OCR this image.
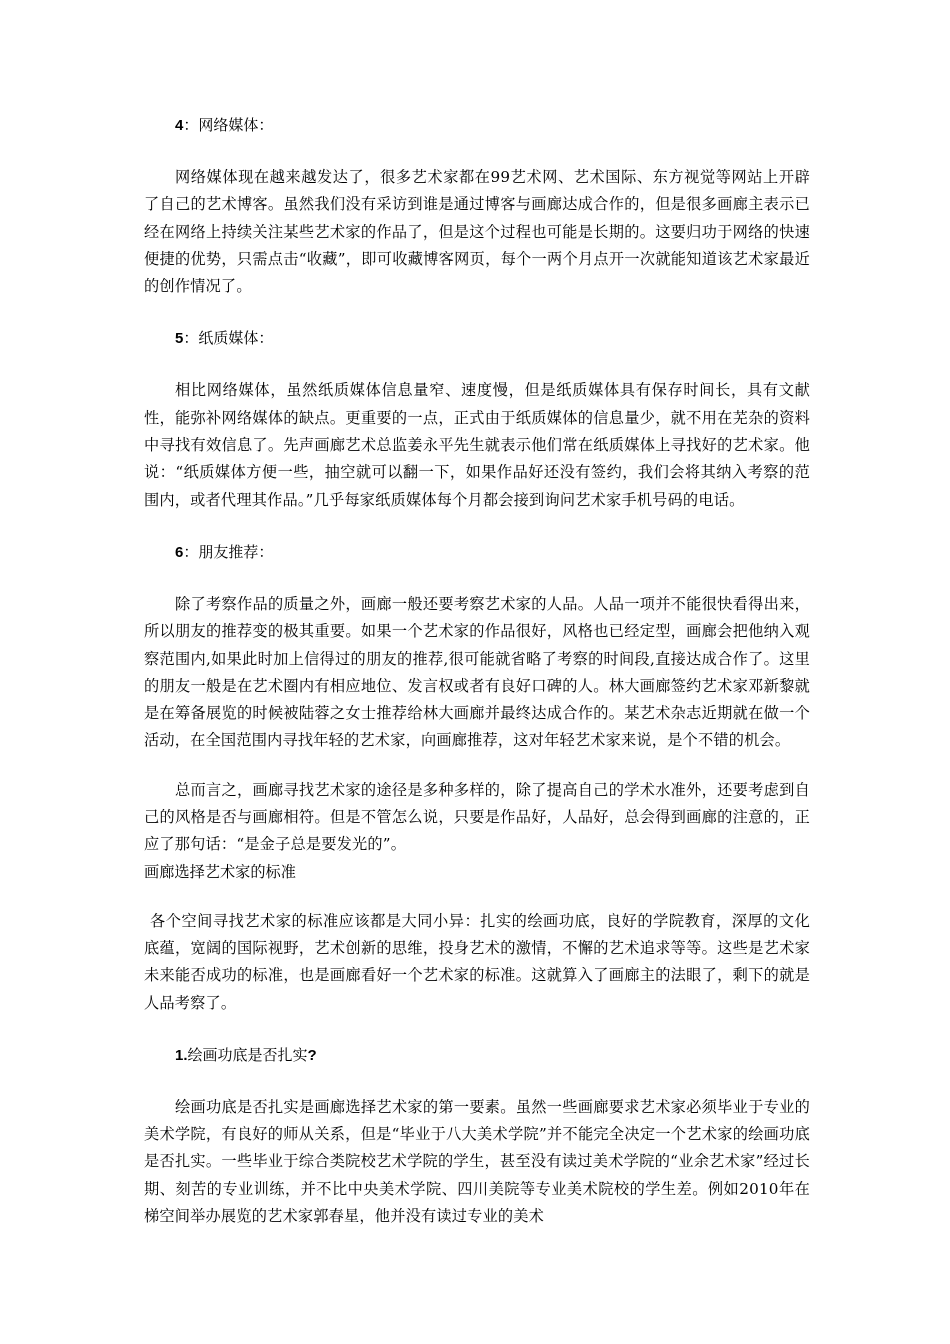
4：网络媒体：

网络媒体现在越来越发达了，很多艺术家都在99艺术网、艺术国际、东方视觉等网站上开辟了自己的艺术博客。虽然我们没有采访到谁是通过博客与画廊达成合作的，但是很多画廊主表示已经在网络上持续关注某些艺术家的作品了，但是这个过程也可能是长期的。这要归功于网络的快速便捷的优势，只需点击“收藏”，即可收藏博客网页，每个一两个月点开一次就能知道该艺术家最近的创作情况了。

5：纸质媒体：

相比网络媒体，虽然纸质媒体信息量窄、速度慢，但是纸质媒体具有保存时间长，具有文献性，能弥补网络媒体的缺点。更重要的一点，正式由于纸质媒体的信息量少，就不用在芜杂的资料中寻找有效信息了。先声画廊艺术总监姜永平先生就表示他们常在纸质媒体上寻找好的艺术家。他说：“纸质媒体方便一些，抽空就可以翻一下，如果作品好还没有签约，我们会将其纳入考察的范围内，或者代理其作品。”几乎每家纸质媒体每个月都会接到询问艺术家手机号码的电话。

6：朋友推荐：

除了考察作品的质量之外，画廊一般还要考察艺术家的人品。人品一项并不能很快看得出来，所以朋友的推荐变的极其重要。如果一个艺术家的作品很好，风格也已经定型，画廊会把他纳入观察范围内,如果此时加上信得过的朋友的推荐,很可能就省略了考察的时间段,直接达成合作了。这里的朋友一般是在艺术圈内有相应地位、发言权或者有良好口碑的人。林大画廊签约艺术家邓新黎就是在筹备展览的时候被陆蓉之女士推荐给林大画廊并最终达成合作的。某艺术杂志近期就在做一个活动，在全国范围内寻找年轻的艺术家，向画廊推荐，这对年轻艺术家来说，是个不错的机会。

总而言之，画廊寻找艺术家的途径是多种多样的，除了提高自己的学术水准外，还要考虑到自己的风格是否与画廊相符。但是不管怎么说，只要是作品好，人品好，总会得到画廊的注意的，正应了那句话：“是金子总是要发光的”。

画廊选择艺术家的标准

各个空间寻找艺术家的标准应该都是大同小异：扎实的绘画功底，良好的学院教育，深厚的文化底蕴，宽阔的国际视野，艺术创新的思维，投身艺术的激情，不懈的艺术追求等等。这些是艺术家未来能否成功的标准，也是画廊看好一个艺术家的标准。这就算入了画廊主的法眼了，剩下的就是人品考察了。

1.绘画功底是否扎实?

绘画功底是否扎实是画廊选择艺术家的第一要素。虽然一些画廊要求艺术家必须毕业于专业的美术学院，有良好的师从关系，但是“毕业于八大美术学院”并不能完全决定一个艺术家的绘画功底是否扎实。一些毕业于综合类院校艺术学院的学生，甚至没有读过美术学院的“业余艺术家”经过长期、刻苦的专业训练，并不比中央美术学院、四川美院等专业美术院校的学生差。例如2010年在梯空间举办展览的艺术家郭春星，他并没有读过专业的美术
